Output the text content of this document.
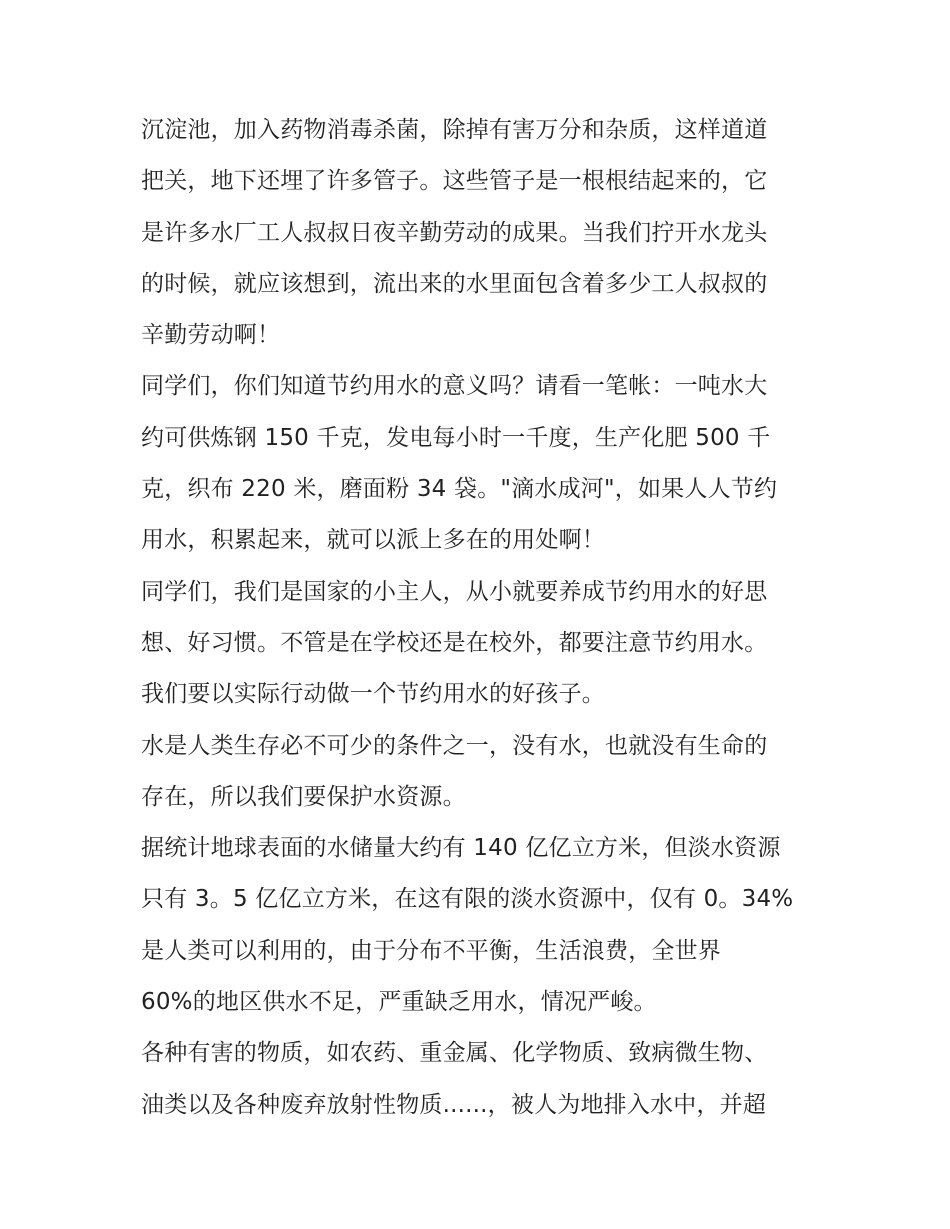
沉淀池，加入药物消毒杀菌，除掉有害万分和杂质，这样道道
把关，地下还埋了许多管子。这些管子是一根根结起来的，它
是许多水厂工人叔叔日夜辛勤劳动的成果。当我们拧开水龙头
的时候，就应该想到，流出来的水里面包含着多少工人叔叔的
辛勤劳动啊！
同学们，你们知道节约用水的意义吗？请看一笔帐：一吨水大
约可供炼钢 150 千克，发电每小时一千度，生产化肥 500 千
克，织布 220 米，磨面粉 34 袋。"滴水成河"，如果人人节约
用水，积累起来，就可以派上多在的用处啊！
同学们，我们是国家的小主人，从小就要养成节约用水的好思
想、好习惯。不管是在学校还是在校外，都要注意节约用水。
我们要以实际行动做一个节约用水的好孩子。
水是人类生存必不可少的条件之一，没有水，也就没有生命的
存在，所以我们要保护水资源。
据统计地球表面的水储量大约有 140 亿亿立方米，但淡水资源
只有 3。5 亿亿立方米，在这有限的淡水资源中，仅有 0。34%
是人类可以利用的，由于分布不平衡，生活浪费，全世界
60%的地区供水不足，严重缺乏用水，情况严峻。
各种有害的物质，如农药、重金属、化学物质、致病微生物、
油类以及各种废弃放射性物质......，被人为地排入水中，并超
